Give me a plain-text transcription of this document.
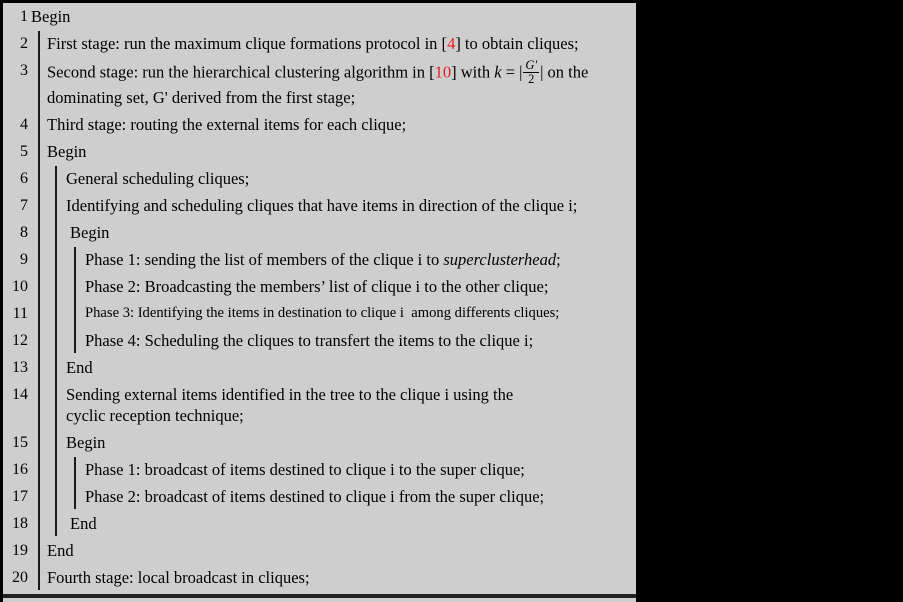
1 Begin
2 First stage: run the maximum clique formations protocol in [4] to obtain cliques;
3 Second stage: run the hierarchical clustering algorithm in [10] with k = | $\frac{G'}{2}$ | on the
dominating set, G' derived from the first stage;
4 Third stage: routing the external items for each clique;
5 Begin
6 General scheduling cliques;
7 Identifying and scheduling cliques that have items in direction of the clique i;
8	Begin
9	Phase 1: sending the list of members of the clique i to superclusterhead;
10	Phase 2: Broadcasting the members’ list of clique i to the other clique;
11	Phase 3: Identifying the items in destination to clique i  among differents cliques;
12	Phase 4: Scheduling the cliques to transfert the items to the clique i;
13 End
14 Sending external items identified in the tree to the clique i using the
cyclic reception technique;
15 Begin
16	Phase 1: broadcast of items destined to clique i to the super clique;
17	Phase 2: broadcast of items destined to clique i from the super clique;
18	End
19 End
20 Fourth stage: local broadcast in cliques;
